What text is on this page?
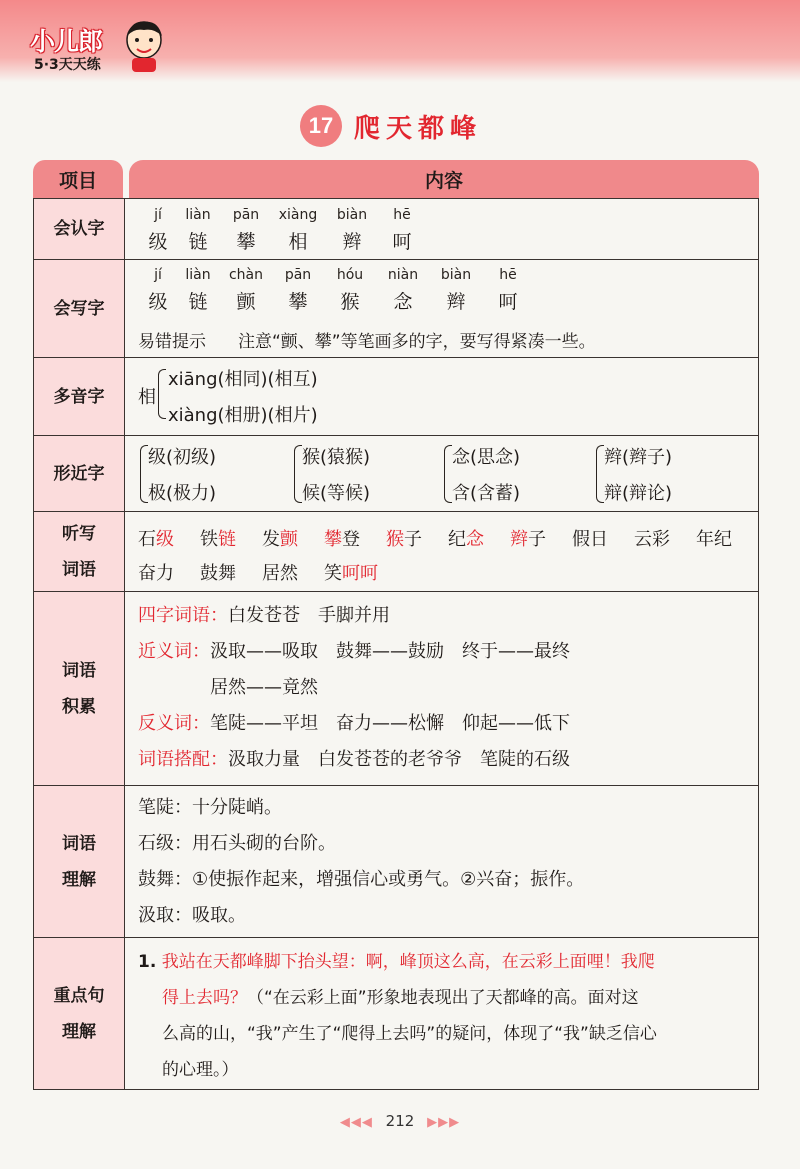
小儿郎
5·3天天练
17 爬天都峰
项目	内容
会认字
jí
级
liàn
链
pān
攀
xiàng
相
biàn
辫
hē
呵
会写字
jí
级
liàn
链
chàn
颤
pān
攀
hóu
猴
niàn
念
biàn
辫
hē
呵
易错提示 注意“颤、攀”等笔画多的字，要写得紧凑一些。
多音字	相
xiāng(相同)(相互)
xiàng(相册)(相片)
形近字
级(初级)
极(极力)
猴(猿猴)
候(等候)
念(思念)
含(含蓄)
辫(辫子)
辩(辩论)
听写
词语
石级 铁链 发颤 攀登 猴子 纪念 辫子 假日 云彩 年纪
奋力 鼓舞 居然 笑呵呵
词语
积累
四字词语：白发苍苍　手脚并用
近义词：汲取——吸取　鼓舞——鼓励　终于——最终
居然——竟然
反义词：笔陡——平坦　奋力——松懈　仰起——低下
词语搭配：汲取力量　白发苍苍的老爷爷　笔陡的石级
词语
理解
笔陡：十分陡峭。
石级：用石头砌的台阶。
鼓舞：①使振作起来，增强信心或勇气。②兴奋；振作。
汲取：吸取。
重点句
理解
1. 我站在天都峰脚下抬头望：啊，峰顶这么高，在云彩上面哩！我爬
得上去吗？（“在云彩上面”形象地表现出了天都峰的高。面对这
么高的山，“我”产生了“爬得上去吗”的疑问，体现了“我”缺乏信心
的心理。）
◀◀◀ 212 ▶▶▶
